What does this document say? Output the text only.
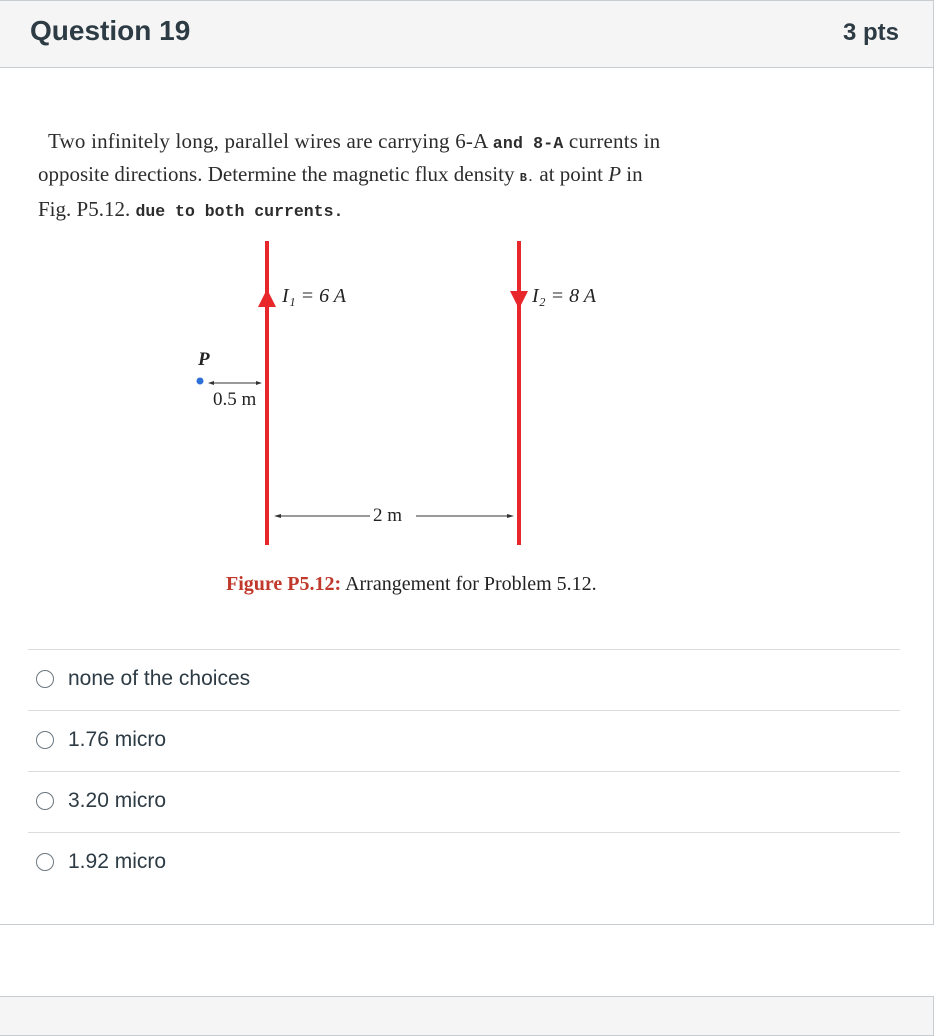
Question 19	3 pts
Two infinitely long, parallel wires are carrying 6-A and 8-A currents in
opposite directions. Determine the magnetic flux density B. at point P in
Fig. P5.12. due to both currents.
I₁ = 6 A	I₂ = 8 A
P
0.5 m
2 m
Figure P5.12: Arrangement for Problem 5.12.
none of the choices
1.76 micro
3.20 micro
1.92 micro
